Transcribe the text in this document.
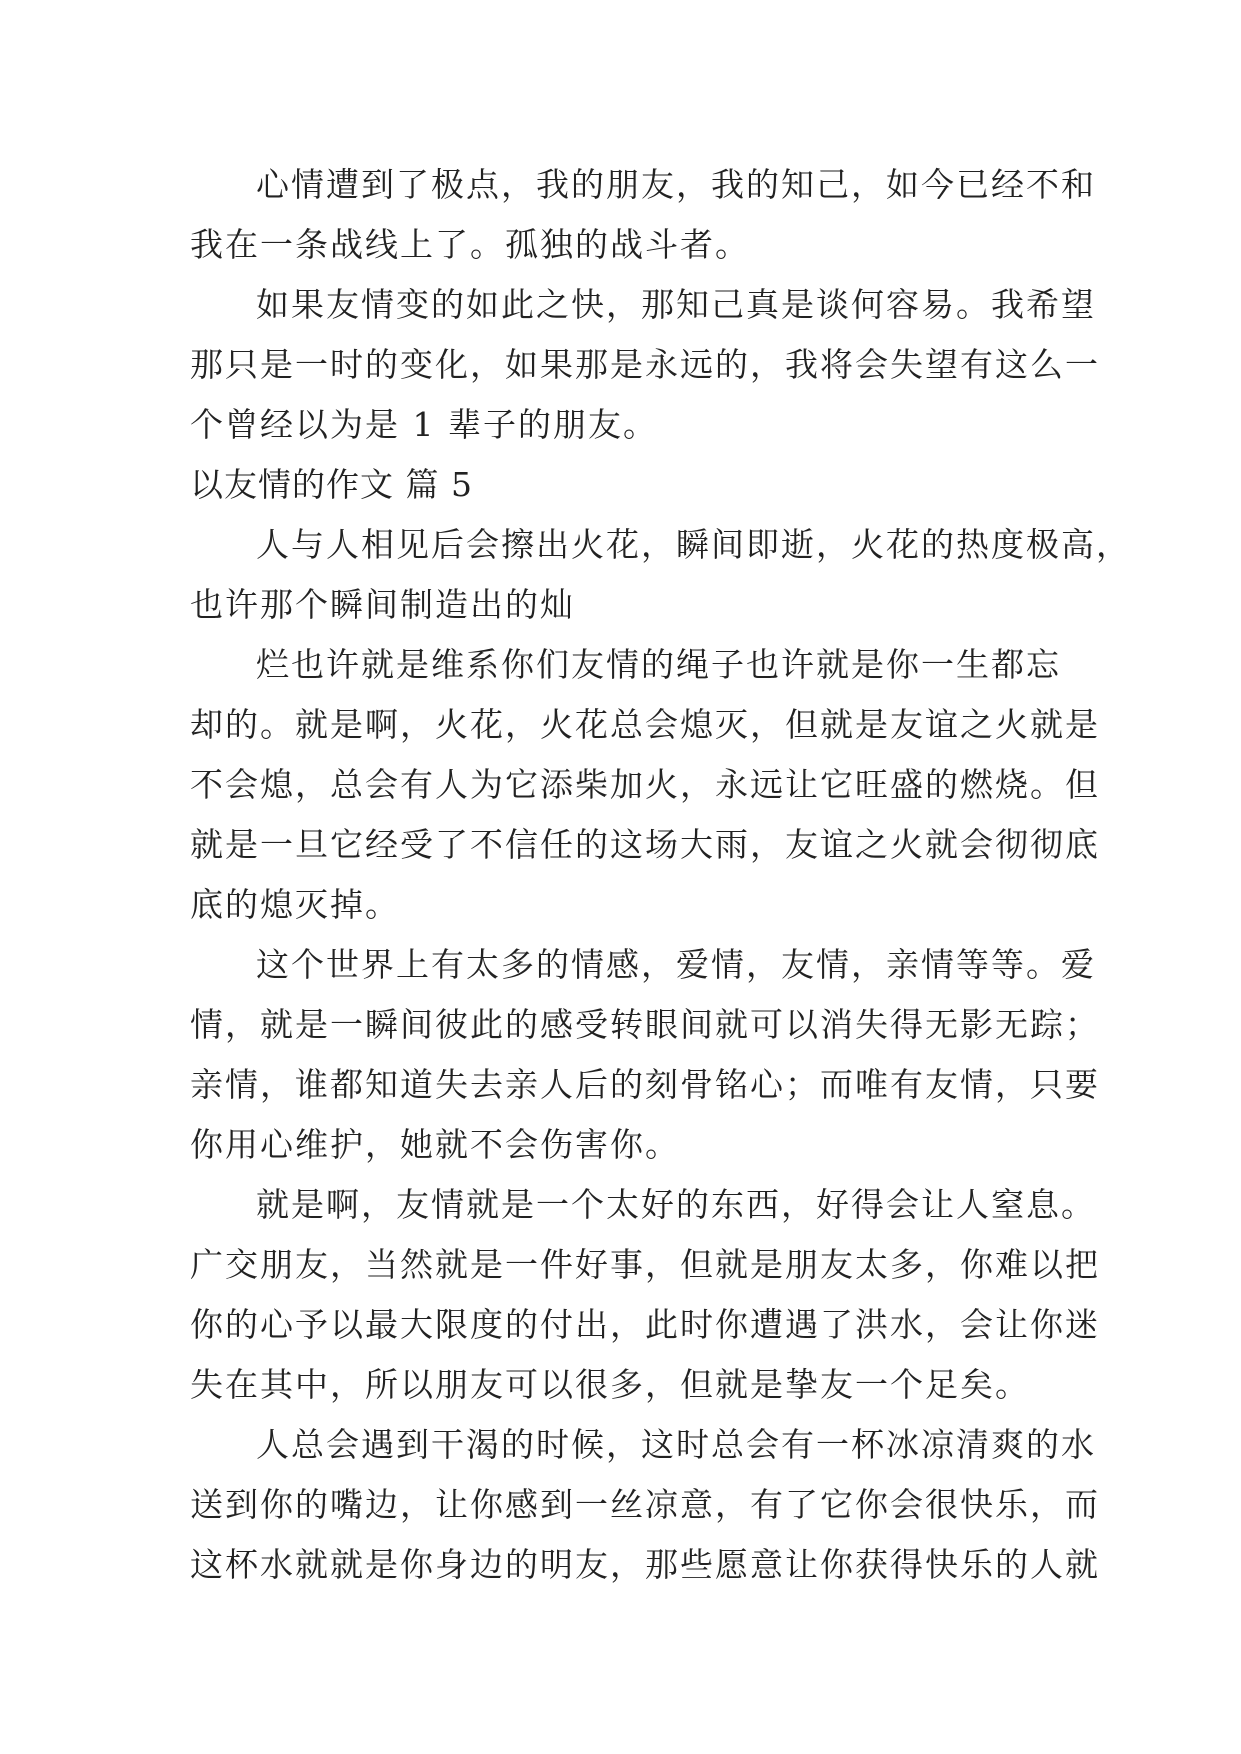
心情遭到了极点，我的朋友，我的知己，如今已经不和
我在一条战线上了。孤独的战斗者。
如果友情变的如此之快，那知己真是谈何容易。我希望
那只是一时的变化，如果那是永远的，我将会失望有这么一
个曾经以为是 1 辈子的朋友。
以友情的作文 篇 5
人与人相见后会擦出火花，瞬间即逝，火花的热度极高，
也许那个瞬间制造出的灿
烂也许就是维系你们友情的绳子也许就是你一生都忘
却的。就是啊，火花，火花总会熄灭，但就是友谊之火就是
不会熄，总会有人为它添柴加火，永远让它旺盛的燃烧。但
就是一旦它经受了不信任的这场大雨，友谊之火就会彻彻底
底的熄灭掉。
这个世界上有太多的情感，爱情，友情，亲情等等。爱
情，就是一瞬间彼此的感受转眼间就可以消失得无影无踪；
亲情，谁都知道失去亲人后的刻骨铭心；而唯有友情，只要
你用心维护，她就不会伤害你。
就是啊，友情就是一个太好的东西，好得会让人窒息。
广交朋友，当然就是一件好事，但就是朋友太多，你难以把
你的心予以最大限度的付出，此时你遭遇了洪水，会让你迷
失在其中，所以朋友可以很多，但就是挚友一个足矣。
人总会遇到干渴的时候，这时总会有一杯冰凉清爽的水
送到你的嘴边，让你感到一丝凉意，有了它你会很快乐，而
这杯水就就是你身边的明友，那些愿意让你获得快乐的人就
